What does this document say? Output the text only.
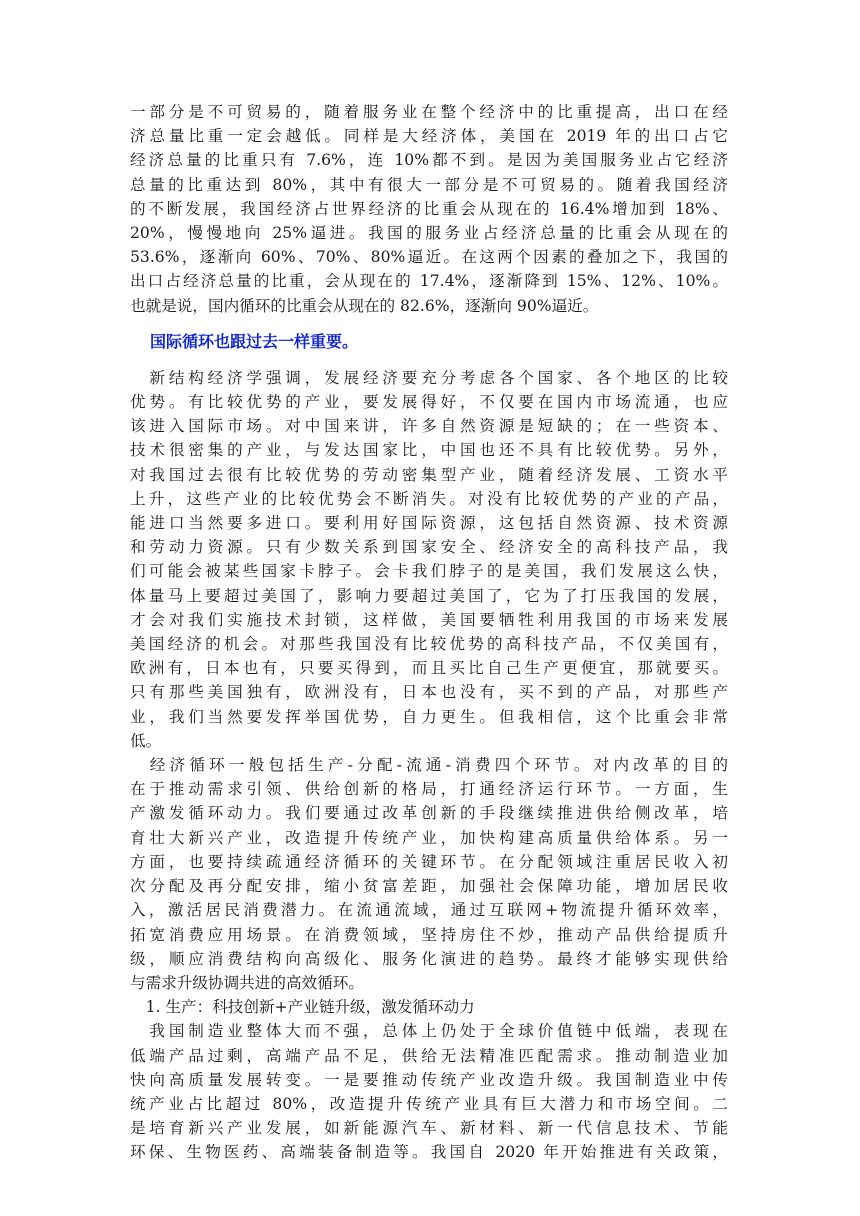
一部分是不可贸易的，随着服务业在整个经济中的比重提高，出口在经
济总量比重一定会越低。同样是大经济体，美国在 2019 年的出口占它
经济总量的比重只有 7.6%，连 10%都不到。是因为美国服务业占它经济
总量的比重达到 80%，其中有很大一部分是不可贸易的。随着我国经济
的不断发展，我国经济占世界经济的比重会从现在的 16.4%增加到 18%、
20%，慢慢地向 25%逼进。我国的服务业占经济总量的比重会从现在的
53.6%，逐渐向 60%、70%、80%逼近。在这两个因素的叠加之下，我国的
出口占经济总量的比重，会从现在的 17.4%，逐渐降到 15%、12%、10%。
也就是说，国内循环的比重会从现在的 82.6%，逐渐向 90%逼近。
国际循环也跟过去一样重要。
　新结构经济学强调，发展经济要充分考虑各个国家、各个地区的比较
优势。有比较优势的产业，要发展得好，不仅要在国内市场流通，也应
该进入国际市场。对中国来讲，许多自然资源是短缺的；在一些资本、
技术很密集的产业，与发达国家比，中国也还不具有比较优势。另外，
对我国过去很有比较优势的劳动密集型产业，随着经济发展、工资水平
上升，这些产业的比较优势会不断消失。对没有比较优势的产业的产品，
能进口当然要多进口。要利用好国际资源，这包括自然资源、技术资源
和劳动力资源。只有少数关系到国家安全、经济安全的高科技产品，我
们可能会被某些国家卡脖子。会卡我们脖子的是美国，我们发展这么快，
体量马上要超过美国了，影响力要超过美国了，它为了打压我国的发展，
才会对我们实施技术封锁，这样做，美国要牺牲利用我国的市场来发展
美国经济的机会。对那些我国没有比较优势的高科技产品，不仅美国有，
欧洲有，日本也有，只要买得到，而且买比自己生产更便宜，那就要买。
只有那些美国独有，欧洲没有，日本也没有，买不到的产品，对那些产
业，我们当然要发挥举国优势，自力更生。但我相信，这个比重会非常
低。
　经济循环一般包括生产-分配-流通-消费四个环节。对内改革的目的
在于推动需求引领、供给创新的格局，打通经济运行环节。一方面，生
产激发循环动力。我们要通过改革创新的手段继续推进供给侧改革，培
育壮大新兴产业，改造提升传统产业，加快构建高质量供给体系。另一
方面，也要持续疏通经济循环的关键环节。在分配领域注重居民收入初
次分配及再分配安排，缩小贫富差距，加强社会保障功能，增加居民收
入，激活居民消费潜力。在流通流域，通过互联网+物流提升循环效率，
拓宽消费应用场景。在消费领域，坚持房住不炒，推动产品供给提质升
级，顺应消费结构向高级化、服务化演进的趋势。最终才能够实现供给
与需求升级协调共进的高效循环。
　1. 生产：科技创新+产业链升级，激发循环动力
　我国制造业整体大而不强，总体上仍处于全球价值链中低端，表现在
低端产品过剩，高端产品不足，供给无法精准匹配需求。推动制造业加
快向高质量发展转变。一是要推动传统产业改造升级。我国制造业中传
统产业占比超过 80%，改造提升传统产业具有巨大潜力和市场空间。二
是培育新兴产业发展，如新能源汽车、新材料、新一代信息技术、节能
环保、生物医药、高端装备制造等。我国自 2020 年开始推进有关政策，
